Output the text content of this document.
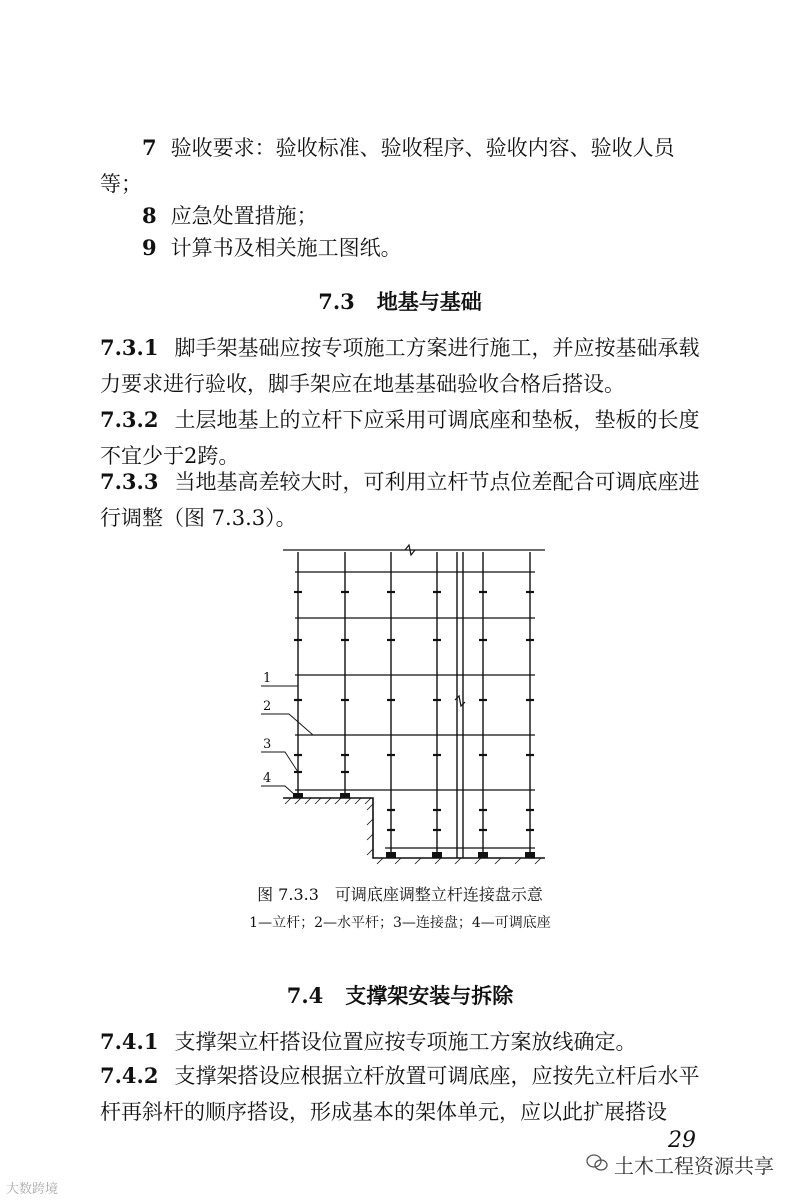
7 验收要求：验收标准、验收程序、验收内容、验收人员等；

8 应急处置措施；

9 计算书及相关施工图纸。

7.3 地基与基础

7.3.1 脚手架基础应按专项施工方案进行施工，并应按基础承载力要求进行验收，脚手架应在地基基础验收合格后搭设。

7.3.2 土层地基上的立杆下应采用可调底座和垫板，垫板的长度不宜少于2跨。

7.3.3 当地基高差较大时，可利用立杆节点位差配合可调底座进行调整（图 7.3.3）。

1
2
3
4

图 7.3.3　可调底座调整立杆连接盘示意

1—立杆；2—水平杆；3—连接盘；4—可调底座

7.4 支撑架安装与拆除

7.4.1 支撑架立杆搭设位置应按专项施工方案放线确定。

7.4.2 支撑架搭设应根据立杆放置可调底座，应按先立杆后水平杆再斜杆的顺序搭设，形成基本的架体单元，应以此扩展搭设

29
土木工程资源共享
大数跨境
